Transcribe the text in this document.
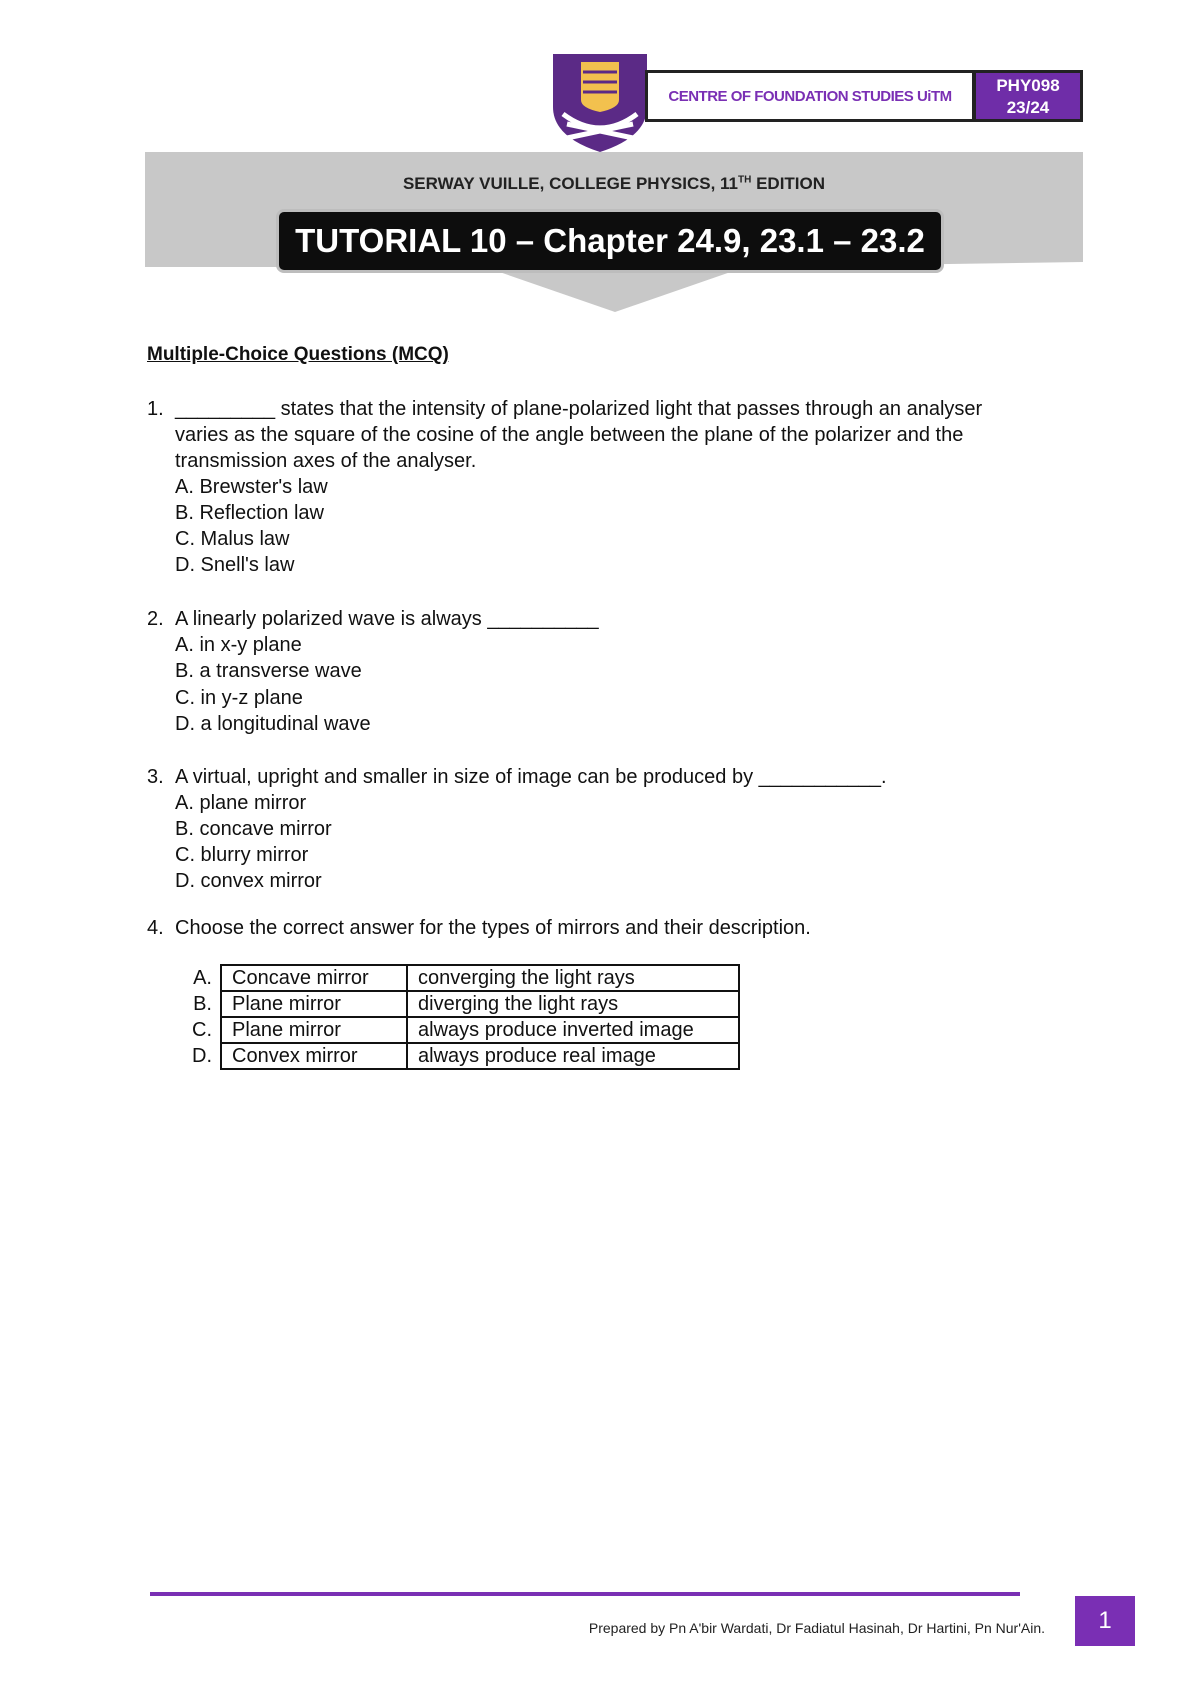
CENTRE OF FOUNDATION STUDIES UiTM
PHY098
23/24
SERWAY VUILLE, COLLEGE PHYSICS, 11TH EDITION
TUTORIAL 10 – Chapter 24.9, 23.1 – 23.2
Multiple-Choice Questions (MCQ)
1. _________ states that the intensity of plane-polarized light that passes through an analyser
varies as the square of the cosine of the angle between the plane of the polarizer and the
transmission axes of the analyser.
A. Brewster's law
B. Reflection law
C. Malus law
D. Snell's law
2. A linearly polarized wave is always __________
A. in x-y plane
B. a transverse wave
C. in y-z plane
D. a longitudinal wave
3. A virtual, upright and smaller in size of image can be produced by ___________.
A. plane mirror
B. concave mirror
C. blurry mirror
D. convex mirror
4. Choose the correct answer for the types of mirrors and their description.
A.	Concave mirror	converging the light rays
B.	Plane mirror	diverging the light rays
C.	Plane mirror	always produce inverted image
D.	Convex mirror	always produce real image
Prepared by Pn A'bir Wardati, Dr Fadiatul Hasinah, Dr Hartini, Pn Nur'Ain.	1
